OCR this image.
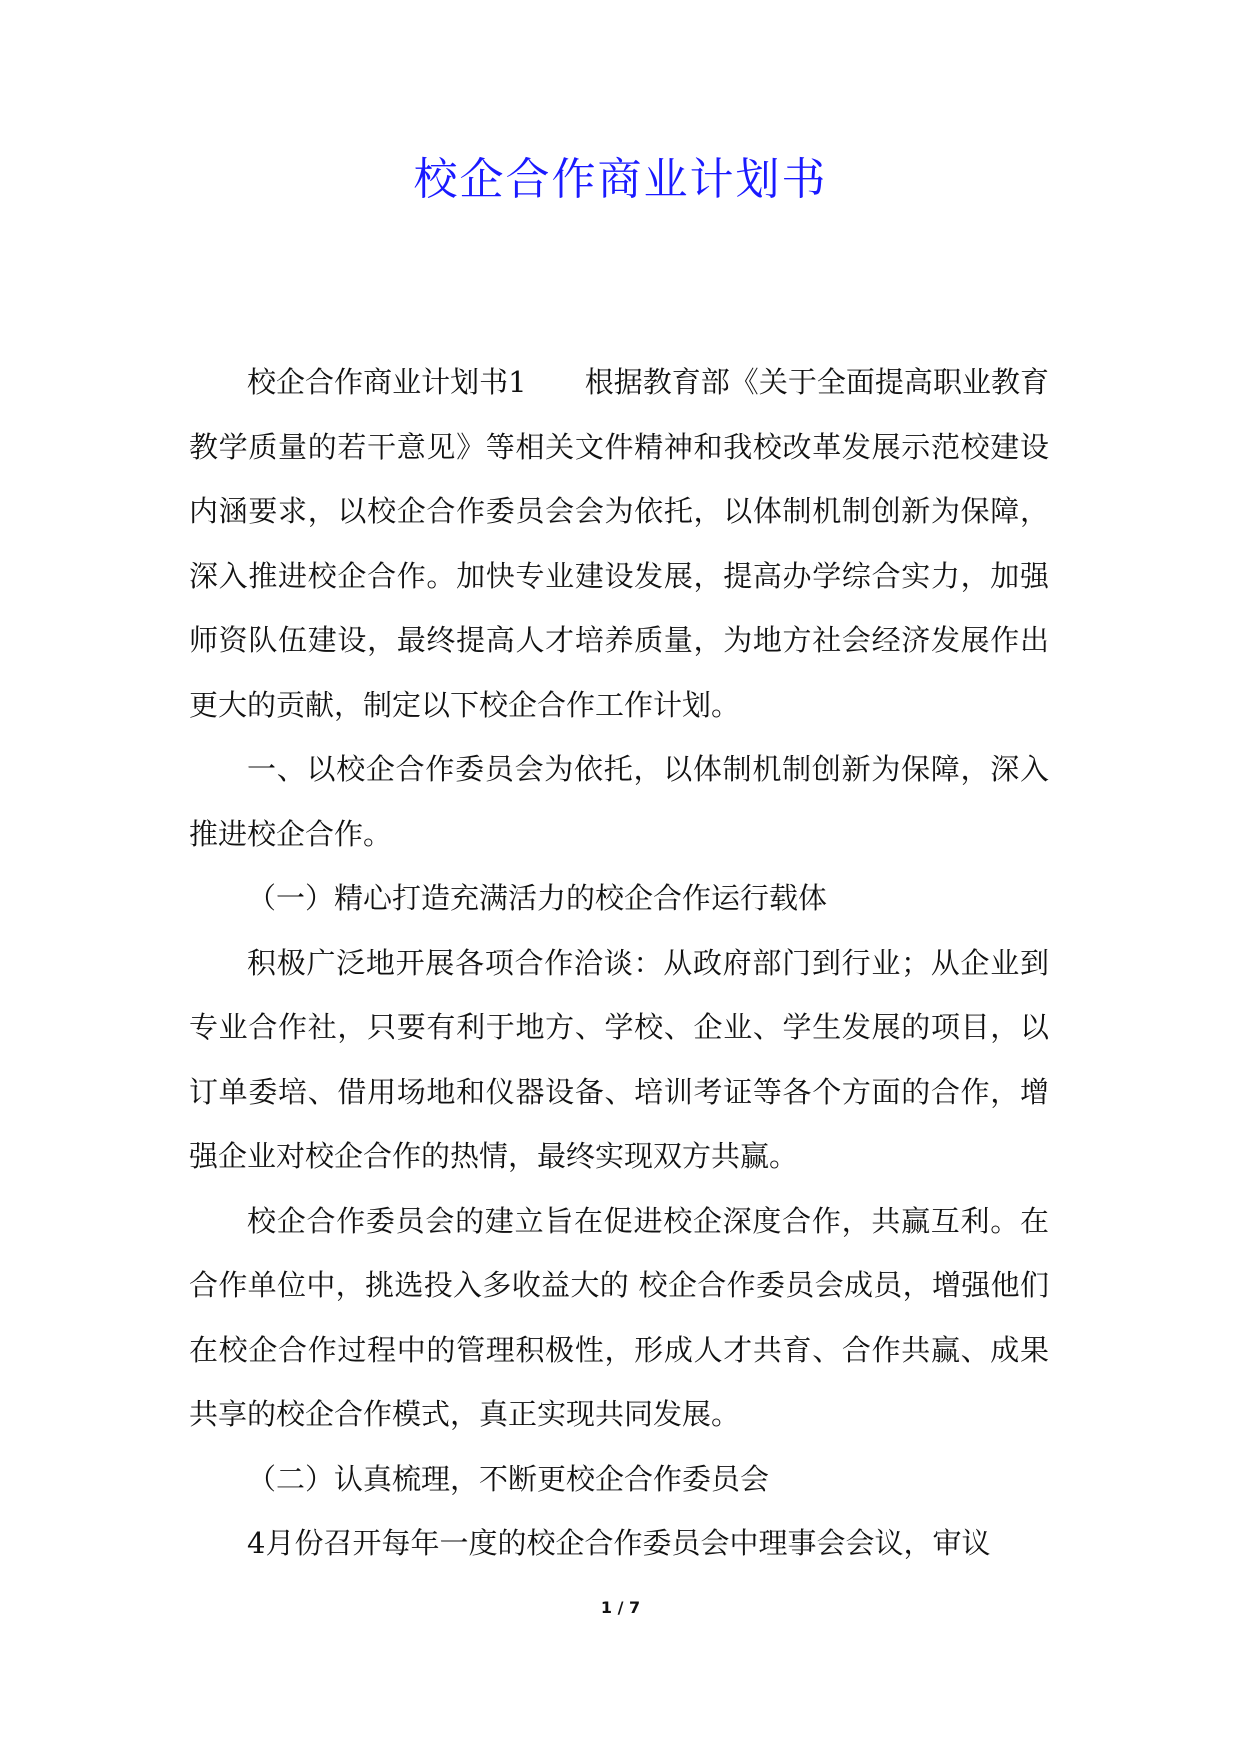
校企合作商业计划书

校企合作商业计划书1　　根据教育部《关于全面提高职业教育教学质量的若干意见》等相关文件精神和我校改革发展示范校建设内涵要求，以校企合作委员会会为依托，以体制机制创新为保障，深入推进校企合作。加快专业建设发展，提高办学综合实力，加强师资队伍建设，最终提高人才培养质量，为地方社会经济发展作出更大的贡献，制定以下校企合作工作计划。

一、以校企合作委员会为依托，以体制机制创新为保障，深入推进校企合作。

（一）精心打造充满活力的校企合作运行载体

积极广泛地开展各项合作洽谈：从政府部门到行业；从企业到专业合作社，只要有利于地方、学校、企业、学生发展的项目，以订单委培、借用场地和仪器设备、培训考证等各个方面的合作，增强企业对校企合作的热情，最终实现双方共赢。

校企合作委员会的建立旨在促进校企深度合作，共赢互利。在合作单位中，挑选投入多收益大的 校企合作委员会成员，增强他们在校企合作过程中的管理积极性，形成人才共育、合作共赢、成果共享的校企合作模式，真正实现共同发展。

（二）认真梳理，不断更校企合作委员会

4月份召开每年一度的校企合作委员会中理事会会议，审议

1 / 7
